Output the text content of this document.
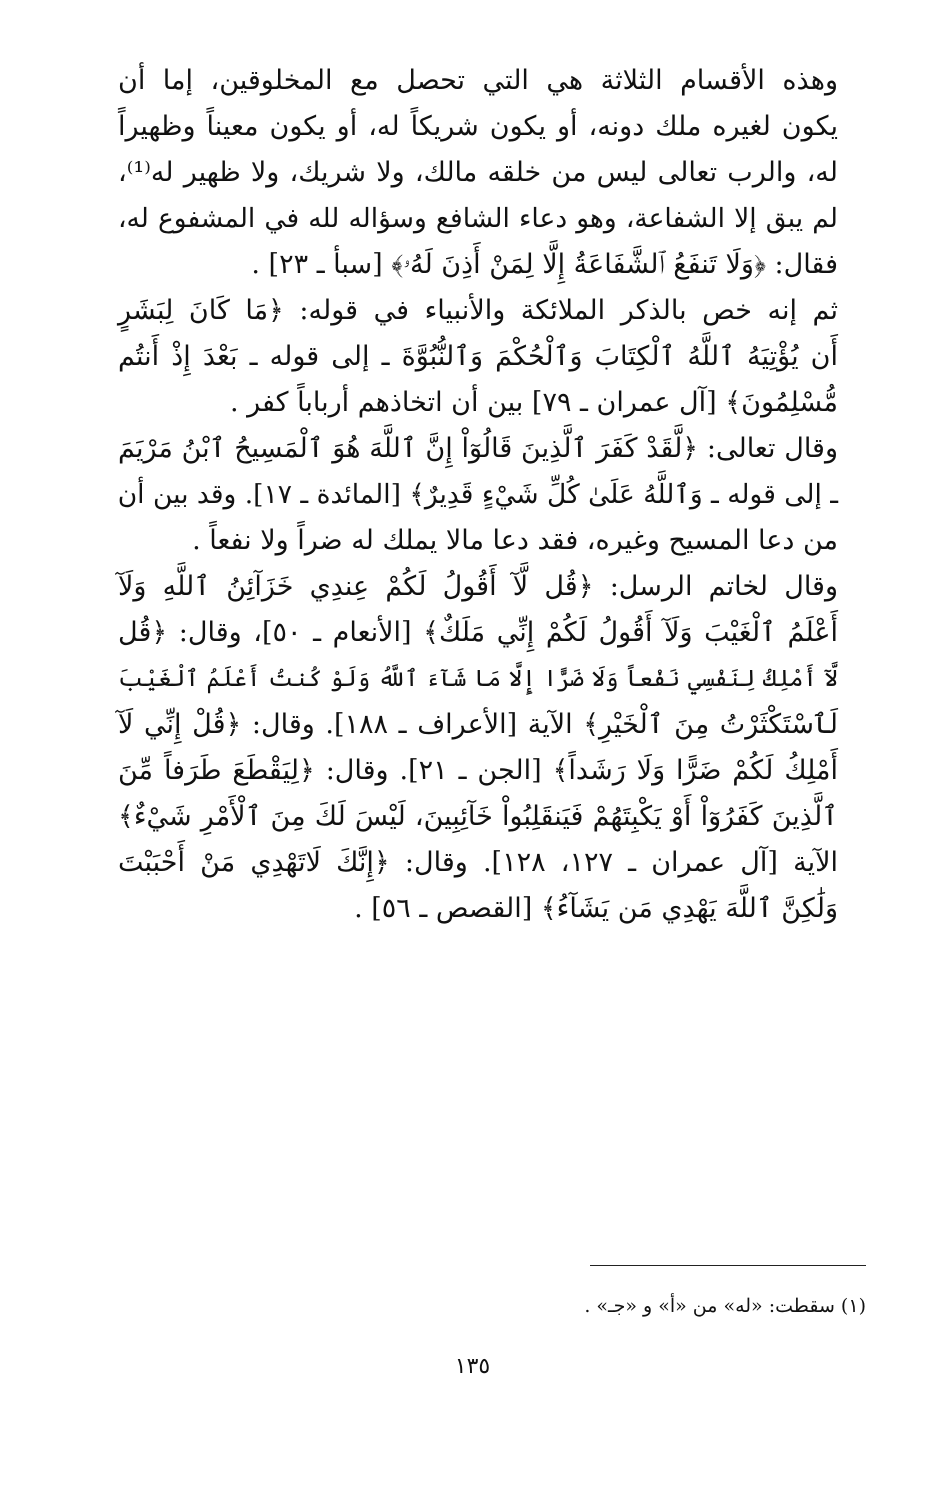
وهذه الأقسام الثلاثة هي التي تحصل مع المخلوقين، إما أن
يكون لغيره ملك دونه، أو يكون شريكاً له، أو يكون معيناً وظهيراً
له، والرب تعالى ليس من خلقه مالك، ولا شريك، ولا ظهير له⁽¹⁾،
لم يبق إلا الشفاعة، وهو دعاء الشافع وسؤاله لله في المشفوع له،
فقال: ﴿وَلَا تَنفَعُ ٱلشَّفَاعَةُ إِلَّا لِمَنْ أَذِنَ لَهُۥ﴾ [سبأ ـ ٢٣] .
ثم إنه خص بالذكر الملائكة والأنبياء في قوله: ﴿مَا كَانَ لِبَشَرٍ
أَن يُؤْتِيَهُ ٱللَّهُ ٱلْكِتَابَ وَٱلْحُكْمَ وَٱلنُّبُوَّةَ ـ إلى قوله ـ بَعْدَ إِذْ أَنتُم
مُّسْلِمُونَ﴾ [آل عمران ـ ٧٩] بين أن اتخاذهم أرباباً كفر .
وقال تعالى: ﴿لَّقَدْ كَفَرَ ٱلَّذِينَ قَالُوٓاْ إِنَّ ٱللَّهَ هُوَ ٱلْمَسِيحُ ٱبْنُ مَرْيَمَ
ـ إلى قوله ـ وَٱللَّهُ عَلَىٰ كُلِّ شَيْءٍ قَدِيرٌ﴾ [المائدة ـ ١٧]. وقد بين أن
من دعا المسيح وغيره، فقد دعا مالا يملك له ضراً ولا نفعاً .
وقال لخاتم الرسل: ﴿قُل لَّآ أَقُولُ لَكُمْ عِندِي خَزَآئِنُ ٱللَّهِ وَلَآ
أَعْلَمُ ٱلْغَيْبَ وَلَآ أَقُولُ لَكُمْ إِنِّي مَلَكٌ﴾ [الأنعام ـ ٥٠]، وقال: ﴿قُل
لَّآ أَمْلِكُ لِنَفْسِي نَفْعاً وَلَا ضَرًّا إِلَّا مَا شَآءَ ٱللَّهُ وَلَوْ كُنتُ أَعْلَمُ ٱلْغَيْبَ
لَٱسْتَكْثَرْتُ مِنَ ٱلْخَيْرِ﴾ الآية [الأعراف ـ ١٨٨]. وقال: ﴿قُلْ إِنِّي لَآ
أَمْلِكُ لَكُمْ ضَرًّا وَلَا رَشَداً﴾ [الجن ـ ٢١]. وقال: ﴿لِيَقْطَعَ طَرَفاً مِّنَ
ٱلَّذِينَ كَفَرُوٓاْ أَوْ يَكْبِتَهُمْ فَيَنقَلِبُواْ خَآئِبِينَ، لَيْسَ لَكَ مِنَ ٱلْأَمْرِ شَيْءٌ﴾
الآية [آل عمران ـ ١٢٧، ١٢٨]. وقال: ﴿إِنَّكَ لَاتَهْدِي مَنْ أَحْبَبْتَ
وَلَٰكِنَّ ٱللَّهَ يَهْدِي مَن يَشَآءُ﴾ [القصص ـ ٥٦] .
(١) سقطت: «له» من «أ» و «جـ» .
١٣٥
